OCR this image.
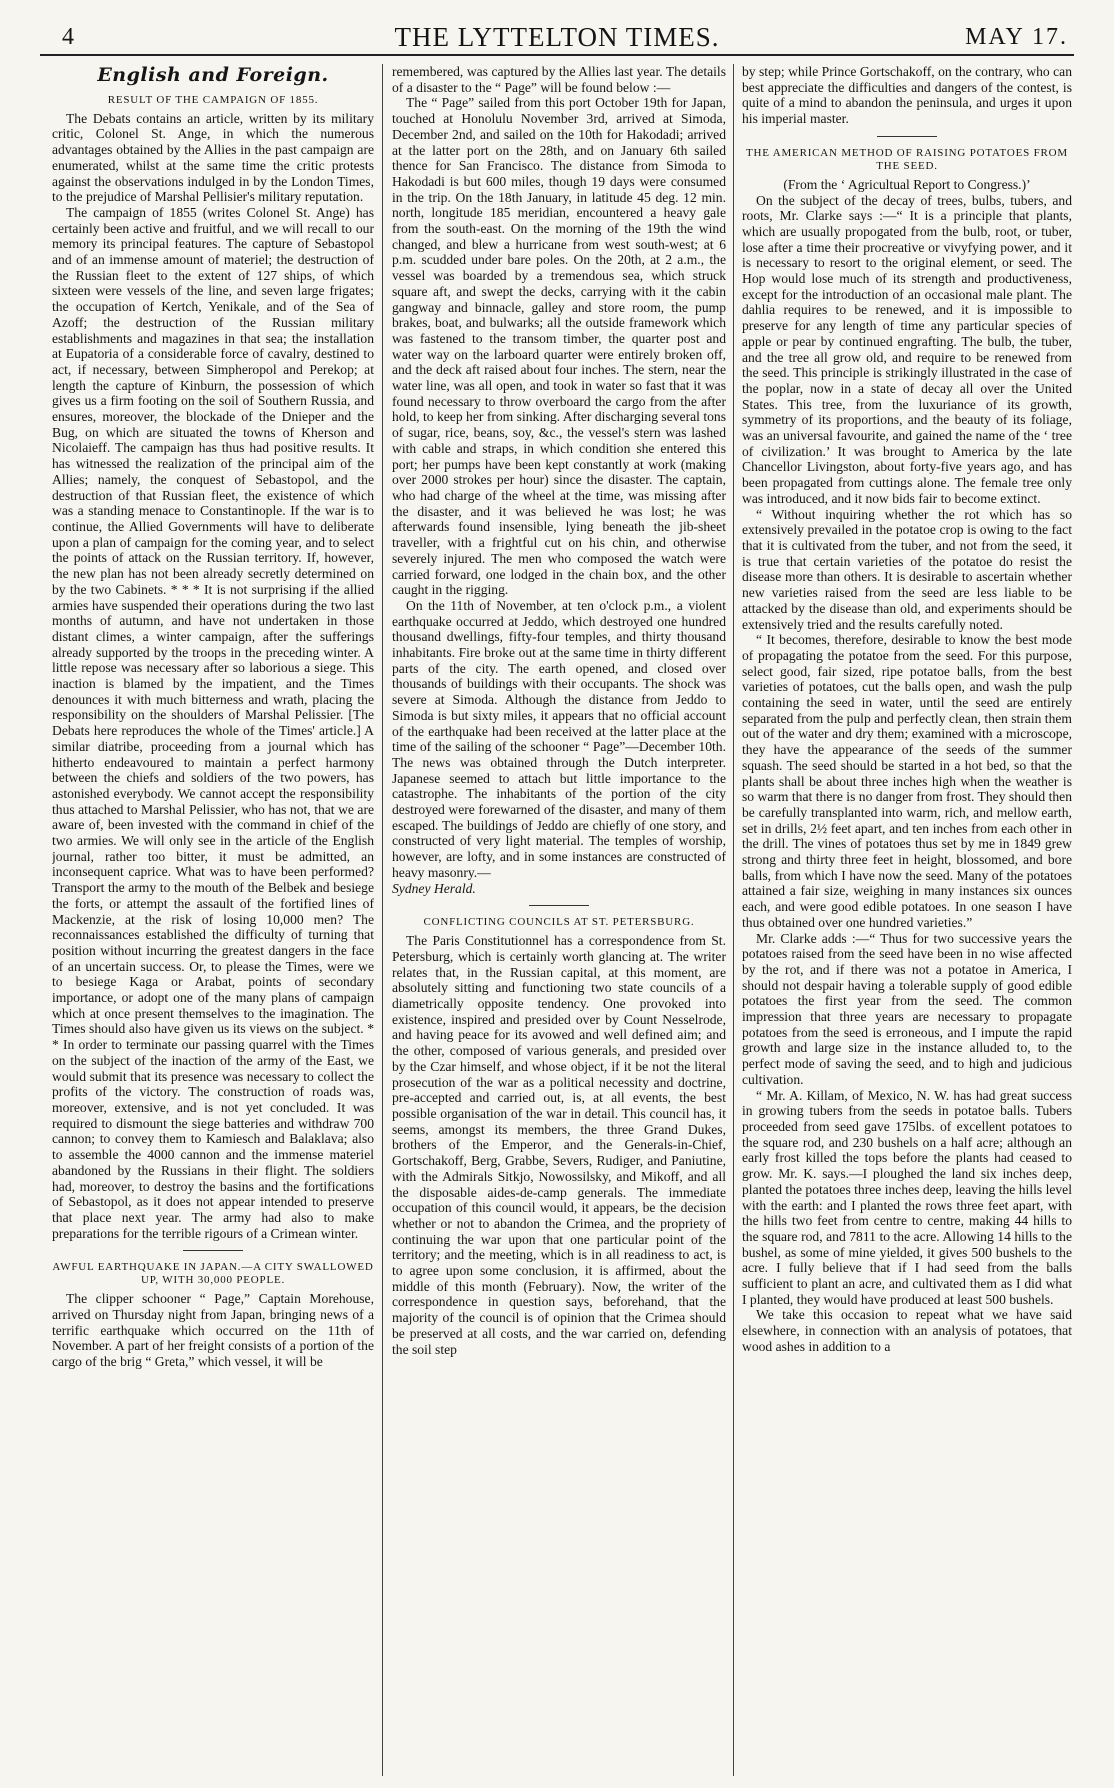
4	THE LYTTELTON TIMES.	MAY 17.
English and Foreign.

RESULT OF THE CAMPAIGN OF 1855.

The Debats contains an article, written by its military critic, Colonel St. Ange, in which the numerous advantages obtained by the Allies in the past campaign are enumerated, whilst at the same time the critic protests against the observations indulged in by the London Times, to the prejudice of Marshal Pellisier's military reputation.

The campaign of 1855 (writes Colonel St. Ange) has certainly been active and fruitful, and we will recall to our memory its principal features. The capture of Sebastopol and of an immense amount of materiel; the destruction of the Russian fleet to the extent of 127 ships, of which sixteen were vessels of the line, and seven large frigates; the occupation of Kertch, Yenikale, and of the Sea of Azoff; the destruction of the Russian military establishments and magazines in that sea; the installation at Eupatoria of a considerable force of cavalry, destined to act, if necessary, between Simpheropol and Perekop; at length the capture of Kinburn, the possession of which gives us a firm footing on the soil of Southern Russia, and ensures, moreover, the blockade of the Dnieper and the Bug, on which are situated the towns of Kherson and Nicolaieff. The campaign has thus had positive results. It has witnessed the realization of the principal aim of the Allies; namely, the conquest of Sebastopol, and the destruction of that Russian fleet, the existence of which was a standing menace to Constantinople. If the war is to continue, the Allied Governments will have to deliberate upon a plan of campaign for the coming year, and to select the points of attack on the Russian territory. If, however, the new plan has not been already secretly determined on by the two Cabinets. * * * It is not surprising if the allied armies have suspended their operations during the two last months of autumn, and have not undertaken in those distant climes, a winter campaign, after the sufferings already supported by the troops in the preceding winter. A little repose was necessary after so laborious a siege. This inaction is blamed by the impatient, and the Times denounces it with much bitterness and wrath, placing the responsibility on the shoulders of Marshal Pelissier. [The Debats here reproduces the whole of the Times' article.] A similar diatribe, proceeding from a journal which has hitherto endeavoured to maintain a perfect harmony between the chiefs and soldiers of the two powers, has astonished everybody. We cannot accept the responsibility thus attached to Marshal Pelissier, who has not, that we are aware of, been invested with the command in chief of the two armies. We will only see in the article of the English journal, rather too bitter, it must be admitted, an inconsequent caprice. What was to have been performed? Transport the army to the mouth of the Belbek and besiege the forts, or attempt the assault of the fortified lines of Mackenzie, at the risk of losing 10,000 men? The reconnaissances established the difficulty of turning that position without incurring the greatest dangers in the face of an uncertain success. Or, to please the Times, were we to besiege Kaga or Arabat, points of secondary importance, or adopt one of the many plans of campaign which at once present themselves to the imagination. The Times should also have given us its views on the subject. * * In order to terminate our passing quarrel with the Times on the subject of the inaction of the army of the East, we would submit that its presence was necessary to collect the profits of the victory. The construction of roads was, moreover, extensive, and is not yet concluded. It was required to dismount the siege batteries and withdraw 700 cannon; to convey them to Kamiesch and Balaklava; also to assemble the 4000 cannon and the immense materiel abandoned by the Russians in their flight. The soldiers had, moreover, to destroy the basins and the fortifications of Sebastopol, as it does not appear intended to preserve that place next year. The army had also to make preparations for the terrible rigours of a Crimean winter.

AWFUL EARTHQUAKE IN JAPAN.—A CITY SWALLOWED UP, WITH 30,000 PEOPLE.

The clipper schooner “ Page,” Captain Morehouse, arrived on Thursday night from Japan, bringing news of a terrific earthquake which occurred on the 11th of November. A part of her freight consists of a portion of the cargo of the brig “ Greta,” which vessel, it will be

remembered, was captured by the Allies last year. The details of a disaster to the “ Page” will be found below :—

The “ Page” sailed from this port October 19th for Japan, touched at Honolulu November 3rd, arrived at Simoda, December 2nd, and sailed on the 10th for Hakodadi; arrived at the latter port on the 28th, and on January 6th sailed thence for San Francisco. The distance from Simoda to Hakodadi is but 600 miles, though 19 days were consumed in the trip. On the 18th January, in latitude 45 deg. 12 min. north, longitude 185 meridian, encountered a heavy gale from the south-east. On the morning of the 19th the wind changed, and blew a hurricane from west south-west; at 6 p.m. scudded under bare poles. On the 20th, at 2 a.m., the vessel was boarded by a tremendous sea, which struck square aft, and swept the decks, carrying with it the cabin gangway and binnacle, galley and store room, the pump brakes, boat, and bulwarks; all the outside framework which was fastened to the transom timber, the quarter post and water way on the larboard quarter were entirely broken off, and the deck aft raised about four inches. The stern, near the water line, was all open, and took in water so fast that it was found necessary to throw overboard the cargo from the after hold, to keep her from sinking. After discharging several tons of sugar, rice, beans, soy, &c., the vessel's stern was lashed with cable and straps, in which condition she entered this port; her pumps have been kept constantly at work (making over 2000 strokes per hour) since the disaster. The captain, who had charge of the wheel at the time, was missing after the disaster, and it was believed he was lost; he was afterwards found insensible, lying beneath the jib-sheet traveller, with a frightful cut on his chin, and otherwise severely injured. The men who composed the watch were carried forward, one lodged in the chain box, and the other caught in the rigging.

On the 11th of November, at ten o'clock p.m., a violent earthquake occurred at Jeddo, which destroyed one hundred thousand dwellings, fifty-four temples, and thirty thousand inhabitants. Fire broke out at the same time in thirty different parts of the city. The earth opened, and closed over thousands of buildings with their occupants. The shock was severe at Simoda. Although the distance from Jeddo to Simoda is but sixty miles, it appears that no official account of the earthquake had been received at the latter place at the time of the sailing of the schooner “ Page”—December 10th. The news was obtained through the Dutch interpreter. Japanese seemed to attach but little importance to the catastrophe. The inhabitants of the portion of the city destroyed were forewarned of the disaster, and many of them escaped. The buildings of Jeddo are chiefly of one story, and constructed of very light material. The temples of worship, however, are lofty, and in some instances are constructed of heavy masonry.—

Sydney Herald.

CONFLICTING COUNCILS AT ST. PETERSBURG.

The Paris Constitutionnel has a correspondence from St. Petersburg, which is certainly worth glancing at. The writer relates that, in the Russian capital, at this moment, are absolutely sitting and functioning two state councils of a diametrically opposite tendency. One provoked into existence, inspired and presided over by Count Nesselrode, and having peace for its avowed and well defined aim; and the other, composed of various generals, and presided over by the Czar himself, and whose object, if it be not the literal prosecution of the war as a political necessity and doctrine, pre-accepted and carried out, is, at all events, the best possible organisation of the war in detail. This council has, it seems, amongst its members, the three Grand Dukes, brothers of the Emperor, and the Generals-in-Chief, Gortschakoff, Berg, Grabbe, Severs, Rudiger, and Paniutine, with the Admirals Sitkjo, Nowossilsky, and Mikoff, and all the disposable aides-de-camp generals. The immediate occupation of this council would, it appears, be the decision whether or not to abandon the Crimea, and the propriety of continuing the war upon that one particular point of the territory; and the meeting, which is in all readiness to act, is to agree upon some conclusion, it is affirmed, about the middle of this month (February). Now, the writer of the correspondence in question says, beforehand, that the majority of the council is of opinion that the Crimea should be preserved at all costs, and the war carried on, defending the soil step

by step; while Prince Gortschakoff, on the contrary, who can best appreciate the difficulties and dangers of the contest, is quite of a mind to abandon the peninsula, and urges it upon his imperial master.

THE AMERICAN METHOD OF RAISING POTATOES FROM THE SEED.

(From the ‘ Agricultual Report to Congress.)’

On the subject of the decay of trees, bulbs, tubers, and roots, Mr. Clarke says :—“ It is a principle that plants, which are usually propogated from the bulb, root, or tuber, lose after a time their procreative or vivyfying power, and it is necessary to resort to the original element, or seed. The Hop would lose much of its strength and productiveness, except for the introduction of an occasional male plant. The dahlia requires to be renewed, and it is impossible to preserve for any length of time any particular species of apple or pear by continued engrafting. The bulb, the tuber, and the tree all grow old, and require to be renewed from the seed. This principle is strikingly illustrated in the case of the poplar, now in a state of decay all over the United States. This tree, from the luxuriance of its growth, symmetry of its proportions, and the beauty of its foliage, was an universal favourite, and gained the name of the ‘ tree of civilization.’ It was brought to America by the late Chancellor Livingston, about forty-five years ago, and has been propagated from cuttings alone. The female tree only was introduced, and it now bids fair to become extinct.

“ Without inquiring whether the rot which has so extensively prevailed in the potatoe crop is owing to the fact that it is cultivated from the tuber, and not from the seed, it is true that certain varieties of the potatoe do resist the disease more than others. It is desirable to ascertain whether new varieties raised from the seed are less liable to be attacked by the disease than old, and experiments should be extensively tried and the results carefully noted.

“ It becomes, therefore, desirable to know the best mode of propagating the potatoe from the seed. For this purpose, select good, fair sized, ripe potatoe balls, from the best varieties of potatoes, cut the balls open, and wash the pulp containing the seed in water, until the seed are entirely separated from the pulp and perfectly clean, then strain them out of the water and dry them; examined with a microscope, they have the appearance of the seeds of the summer squash. The seed should be started in a hot bed, so that the plants shall be about three inches high when the weather is so warm that there is no danger from frost. They should then be carefully transplanted into warm, rich, and mellow earth, set in drills, 2½ feet apart, and ten inches from each other in the drill. The vines of potatoes thus set by me in 1849 grew strong and thirty three feet in height, blossomed, and bore balls, from which I have now the seed. Many of the potatoes attained a fair size, weighing in many instances six ounces each, and were good edible potatoes. In one season I have thus obtained over one hundred varieties.”

Mr. Clarke adds :—“ Thus for two successive years the potatoes raised from the seed have been in no wise affected by the rot, and if there was not a potatoe in America, I should not despair having a tolerable supply of good edible potatoes the first year from the seed. The common impression that three years are necessary to propagate potatoes from the seed is erroneous, and I impute the rapid growth and large size in the instance alluded to, to the perfect mode of saving the seed, and to high and judicious cultivation.

“ Mr. A. Killam, of Mexico, N. W. has had great success in growing tubers from the seeds in potatoe balls. Tubers proceeded from seed gave 175lbs. of excellent potatoes to the square rod, and 230 bushels on a half acre; although an early frost killed the tops before the plants had ceased to grow. Mr. K. says.—I ploughed the land six inches deep, planted the potatoes three inches deep, leaving the hills level with the earth: and I planted the rows three feet apart, with the hills two feet from centre to centre, making 44 hills to the square rod, and 7811 to the acre. Allowing 14 hills to the bushel, as some of mine yielded, it gives 500 bushels to the acre. I fully believe that if I had seed from the balls sufficient to plant an acre, and cultivated them as I did what I planted, they would have produced at least 500 bushels.

We take this occasion to repeat what we have said elsewhere, in connection with an analysis of potatoes, that wood ashes in addition to a
